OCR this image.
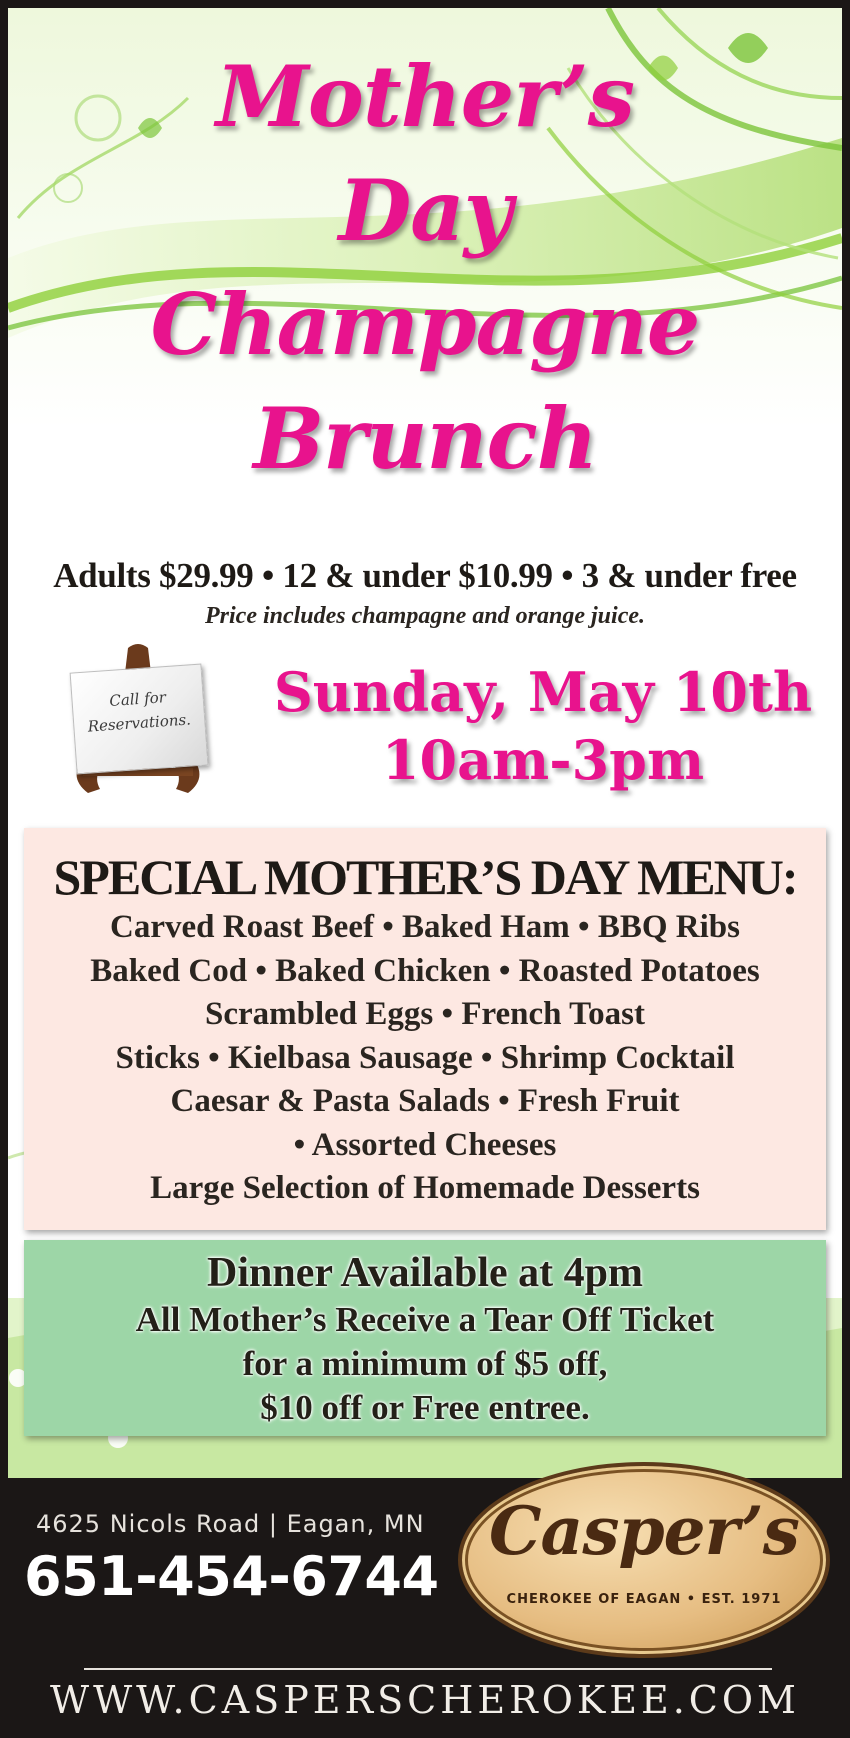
Mother’s
Day
Champagne
Brunch
Adults $29.99 • 12 & under $10.99 • 3 & under free
Price includes champagne and orange juice.
Call for
Reservations.	Sunday, May 10th
10am-3pm
SPECIAL MOTHER’S DAY MENU:
Carved Roast Beef • Baked Ham • BBQ Ribs
Baked Cod • Baked Chicken • Roasted Potatoes
Scrambled Eggs • French Toast
Sticks • Kielbasa Sausage • Shrimp Cocktail
Caesar & Pasta Salads • Fresh Fruit
• Assorted Cheeses
Large Selection of Homemade Desserts
Dinner Available at 4pm
All Mother’s Receive a Tear Off Ticket
for a minimum of $5 off,
$10 off or Free entree.
4625 Nicols Road | Eagan, MN
651-454-6744
Casper’s
CHEROKEE OF EAGAN • EST. 1971
WWW.CASPERSCHEROKEE.COM
